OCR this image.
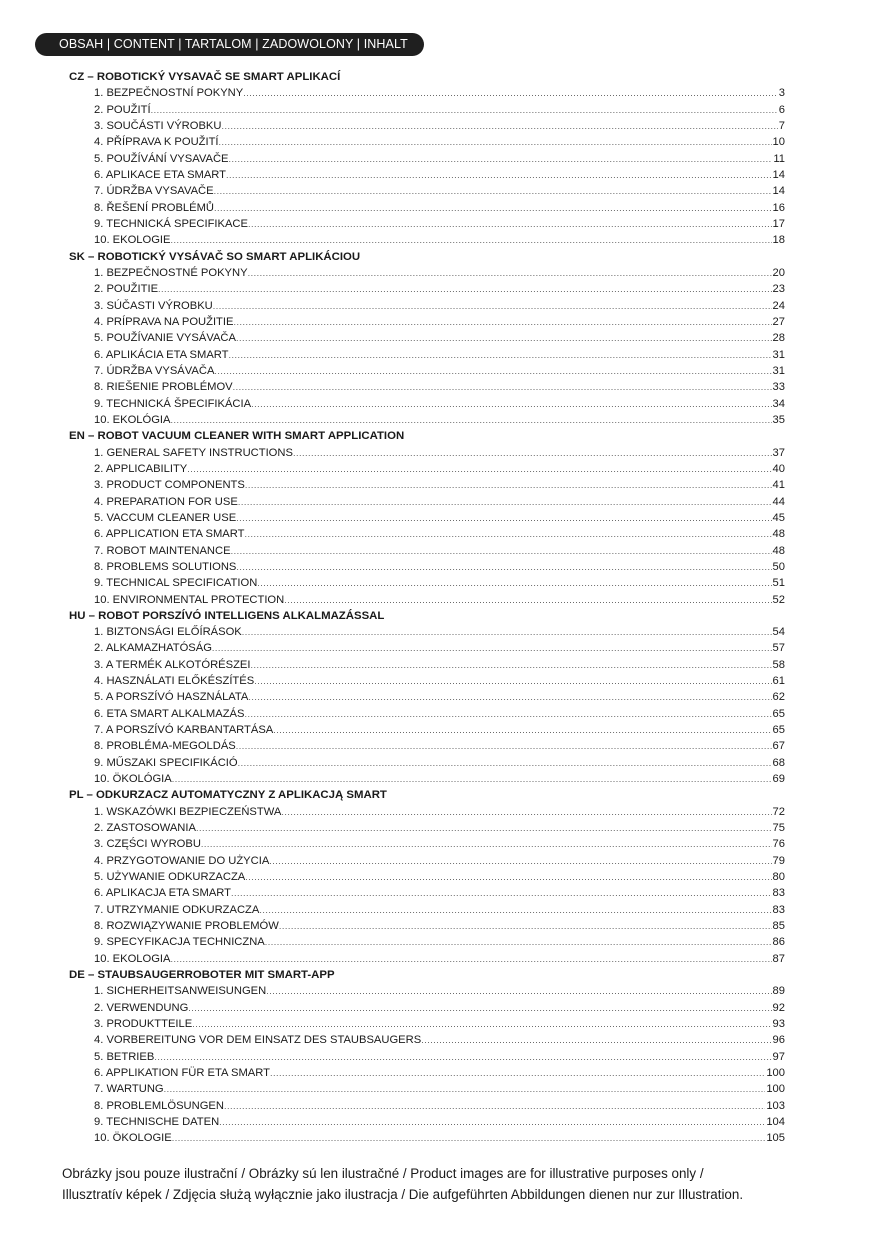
OBSAH | CONTENT | TARTALOM | ZADOWOLONY | INHALT
CZ – ROBOTICKÝ VYSAVAČ SE SMART APLIKACÍ
1. BEZPEČNOSTNÍ POKYNY .....	3
2. POUŽITÍ .....	6
3. SOUČÁSTI VÝROBKU .....	7
4. PŘÍPRAVA K POUŽITÍ .....	10
5. POUŽÍVÁNÍ VYSAVAČE .....	11
6. APLIKACE ETA SMART .....	14
7. ÚDRŽBA VYSAVAČE .....	14
8. ŘEŠENÍ PROBLÉMŮ .....	16
9. TECHNICKÁ SPECIFIKACE .....	17
10. EKOLOGIE .....	18
SK – ROBOTICKÝ VYSÁVAČ SO SMART APLIKÁCIOU
1. BEZPEČNOSTNÉ POKYNY .....	20
2. POUŽITIE .....	23
3. SÚČASTI VÝROBKU .....	24
4. PRÍPRAVA NA POUŽITIE .....	27
5. POUŽÍVANIE VYSÁVAČA .....	28
6. APLIKÁCIA ETA SMART .....	31
7. ÚDRŽBA VYSÁVAČA .....	31
8. RIEŠENIE PROBLÉMOV .....	33
9. TECHNICKÁ ŠPECIFIKÁCIA .....	34
10. EKOLÓGIA .....	35
EN – ROBOT VACUUM CLEANER WITH SMART APPLICATION
1. GENERAL SAFETY INSTRUCTIONS .....	37
2. APPLICABILITY .....	40
3. PRODUCT COMPONENTS .....	41
4. PREPARATION FOR USE .....	44
5. VACCUM CLEANER USE .....	45
6. APPLICATION ETA SMART .....	48
7. ROBOT MAINTENANCE .....	48
8. PROBLEMS SOLUTIONS .....	50
9. TECHNICAL SPECIFICATION .....	51
10. ENVIRONMENTAL PROTECTION .....	52
HU – ROBOT PORSZÍVÓ INTELLIGENS ALKALMAZÁSSAL
1. BIZTONSÁGI ELŐÍRÁSOK .....	54
2. ALKAMAZHATÓSÁG .....	57
3. A TERMÉK ALKOTÓRÉSZEI .....	58
4. HASZNÁLATI ELŐKÉSZÍTÉS .....	61
5. A PORSZÍVÓ HASZNÁLATA .....	62
6. ETA SMART ALKALMAZÁS .....	65
7. A PORSZÍVÓ KARBANTARTÁSA .....	65
8. PROBLÉMA-MEGOLDÁS .....	67
9. MŰSZAKI SPECIFIKÁCIÓ .....	68
10. ÖKOLÓGIA .....	69
PL – ODKURZACZ AUTOMATYCZNY Z APLIKACJĄ SMART
1. WSKAZÓWKI BEZPIECZEŃSTWA .....	72
2. ZASTOSOWANIA .....	75
3. CZĘŚCI WYROBU .....	76
4. PRZYGOTOWANIE DO UŻYCIA .....	79
5. UŻYWANIE ODKURZACZA .....	80
6. APLIKACJA ETA SMART .....	83
7. UTRZYMANIE ODKURZACZA .....	83
8. ROZWIĄZYWANIE PROBLEMÓW .....	85
9. SPECYFIKACJA TECHNICZNA .....	86
10. EKOLOGIA .....	87
DE – STAUBSAUGERROBOTER MIT SMART-APP
1. SICHERHEITSANWEISUNGEN .....	89
2. VERWENDUNG .....	92
3. PRODUKTTEILE .....	93
4. VORBEREITUNG VOR DEM EINSATZ DES STAUBSAUGERS .....	96
5. BETRIEB .....	97
6. APPLIKATION FÜR ETA SMART .....	100
7. WARTUNG .....	100
8. PROBLEMLÖSUNGEN .....	103
9. TECHNISCHE DATEN .....	104
10. ÖKOLOGIE .....	105
Obrázky jsou pouze ilustrační / Obrázky sú len ilustračné / Product images are for illustrative purposes only /
Illusztratív képek / Zdjęcia służą wyłącznie jako ilustracja / Die aufgeführten Abbildungen dienen nur zur Illustration.
